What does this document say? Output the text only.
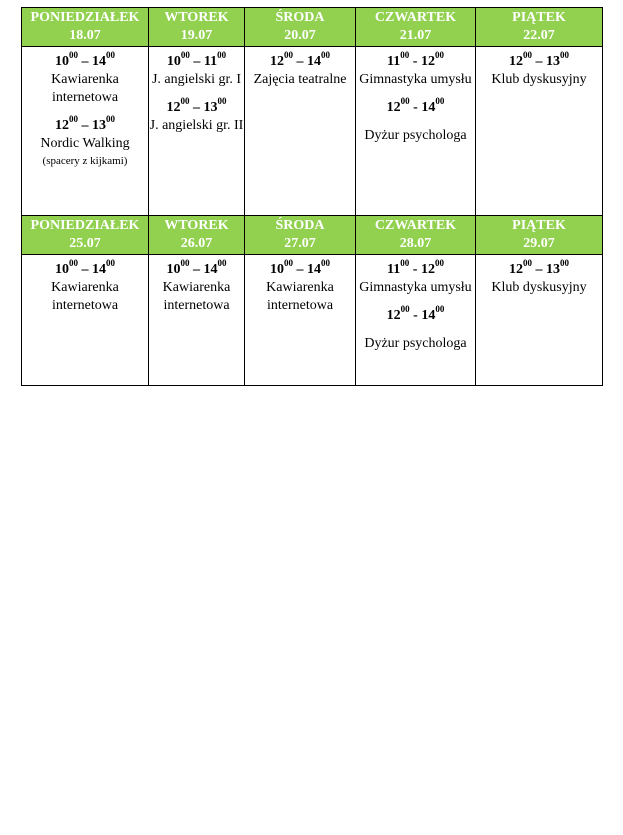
PONIEDZIAŁEK
18.07	WTOREK
19.07	ŚRODA
20.07	CZWARTEK
21.07	PIĄTEK
22.07

$10^{00} - 14^{00}$
Kawiarenka internetowa
$12^{00} - 13^{00}$
Nordic Walking
(spacery z kijkami)	$10^{00} - 11^{00}$
J. angielski gr. I
$12^{00} - 13^{00}$
J. angielski gr. II	$12^{00} - 14^{00}$
Zajęcia teatralne	$11^{00} - 12^{00}$
Gimnastyka umysłu
$12^{00} - 14^{00}$
Dyżur psychologa	$12^{00} - 13^{00}$
Klub dyskusyjny

PONIEDZIAŁEK
25.07	WTOREK
26.07	ŚRODA
27.07	CZWARTEK
28.07	PIĄTEK
29.07

$10^{00} - 14^{00}$
Kawiarenka internetowa	$10^{00} - 14^{00}$
Kawiarenka internetowa	$10^{00} - 14^{00}$
Kawiarenka internetowa	$11^{00} - 12^{00}$
Gimnastyka umysłu
$12^{00} - 14^{00}$
Dyżur psychologa	$12^{00} - 13^{00}$
Klub dyskusyjny
